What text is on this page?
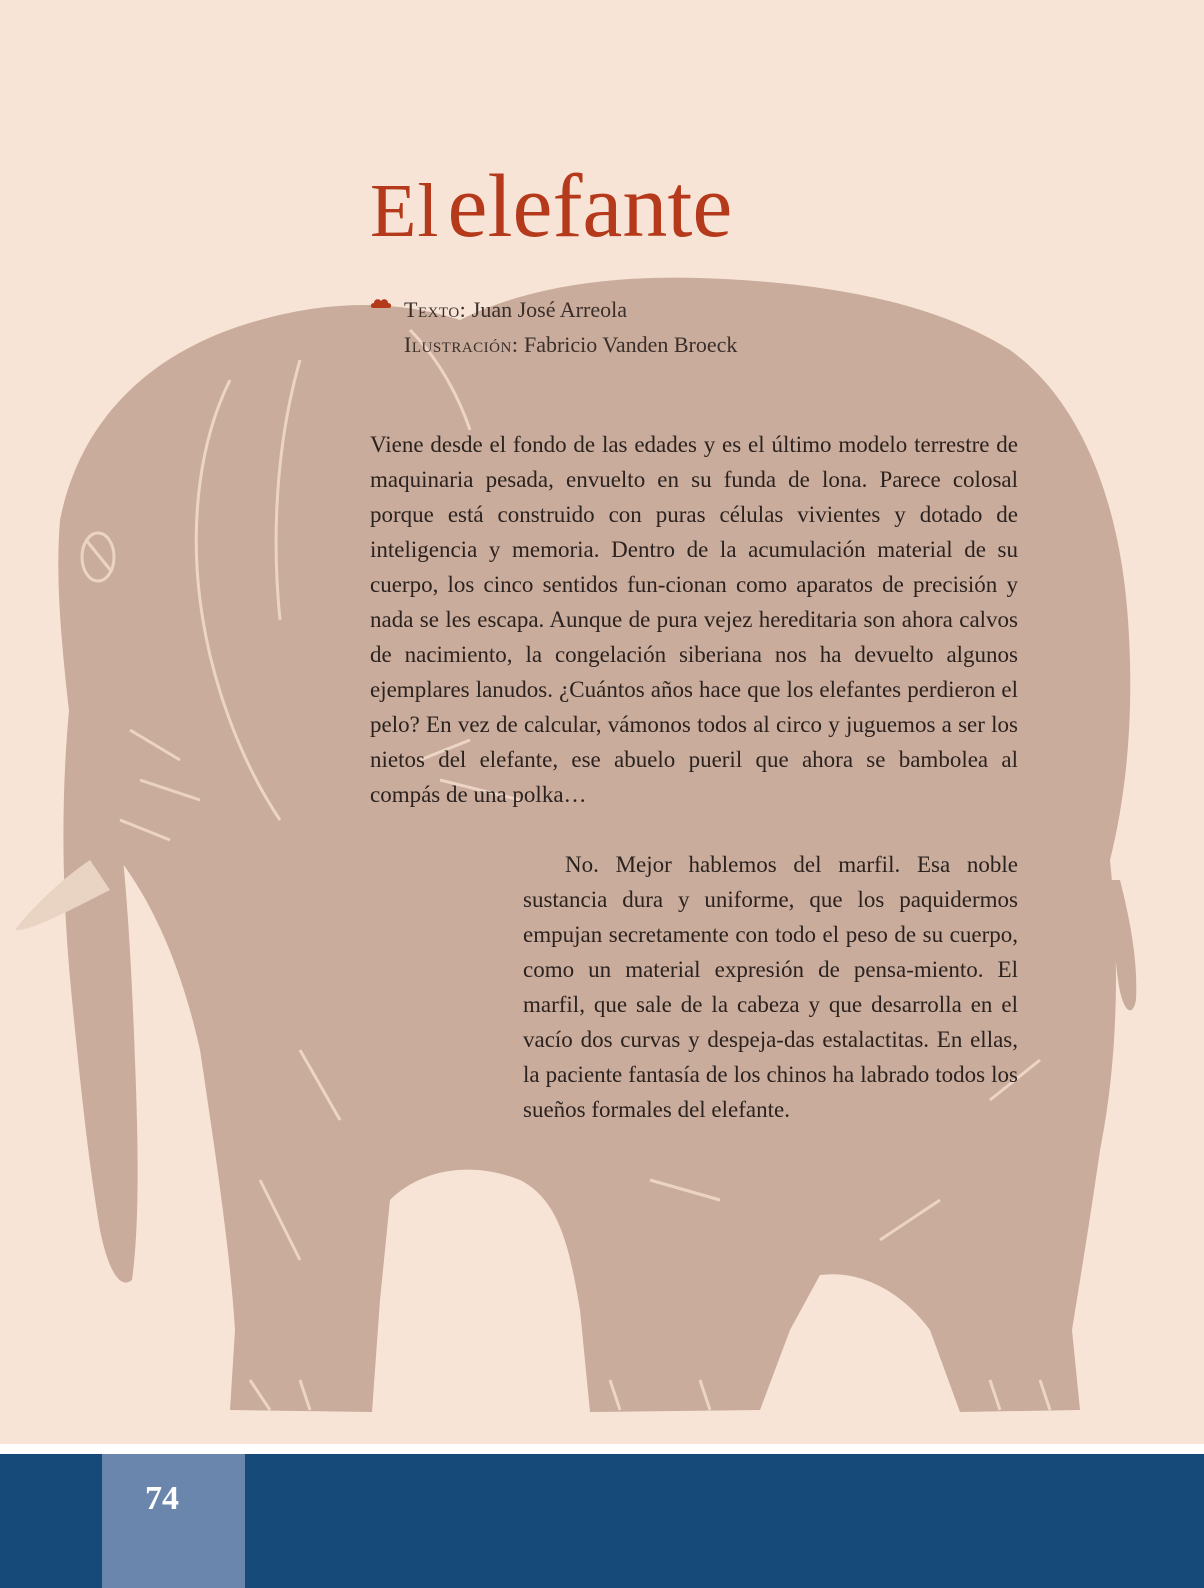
El elefante
Texto: Juan José Arreola
Ilustración: Fabricio Vanden Broeck

Viene desde el fondo de las edades y es el último modelo terrestre de maquinaria pesada, envuelto en su funda de lona. Parece colosal porque está construido con puras células vivientes y dotado de inteligencia y memoria. Dentro de la acumulación material de su cuerpo, los cinco sentidos fun-cionan como aparatos de precisión y nada se les escapa. Aunque de pura vejez hereditaria son ahora calvos de nacimiento, la congelación siberiana nos ha devuelto algunos ejemplares lanudos. ¿Cuántos años hace que los elefantes perdieron el pelo? En vez de calcular, vámonos todos al circo y juguemos a ser los nietos del elefante, ese abuelo pueril que ahora se bambolea al compás de una polka…

No. Mejor hablemos del marfil. Esa noble sustancia dura y uniforme, que los paquidermos empujan secretamente con todo el peso de su cuerpo, como un material expresión de pensa-miento. El marfil, que sale de la cabeza y que desarrolla en el vacío dos curvas y despeja-das estalactitas. En ellas, la paciente fantasía de los chinos ha labrado todos los sueños formales del elefante.

74
